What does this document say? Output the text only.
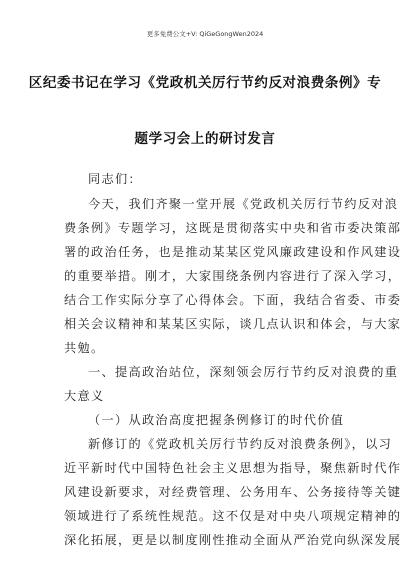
更多免费公文+V: QiGeGongWen2024
区纪委书记在学习《党政机关厉行节约反对浪费条例》专
题学习会上的研讨发言
同志们：
今天，我们齐聚一堂开展《党政机关厉行节约反对浪
费条例》专题学习，这既是贯彻落实中央和省市委决策部
署的政治任务，也是推动某某区党风廉政建设和作风建设
的重要举措。刚才，大家围绕条例内容进行了深入学习，
结合工作实际分享了心得体会。下面，我结合省委、市委
相关会议精神和某某区实际，谈几点认识和体会，与大家
共勉。
一、提高政治站位，深刻领会厉行节约反对浪费的重
大意义
（一）从政治高度把握条例修订的时代价值
新修订的《党政机关厉行节约反对浪费条例》，以习
近平新时代中国特色社会主义思想为指导，聚焦新时代作
风建设新要求，对经费管理、公务用车、公务接待等关键
领域进行了系统性规范。这不仅是对中央八项规定精神的
深化拓展，更是以制度刚性推动全面从严治党向纵深发展
